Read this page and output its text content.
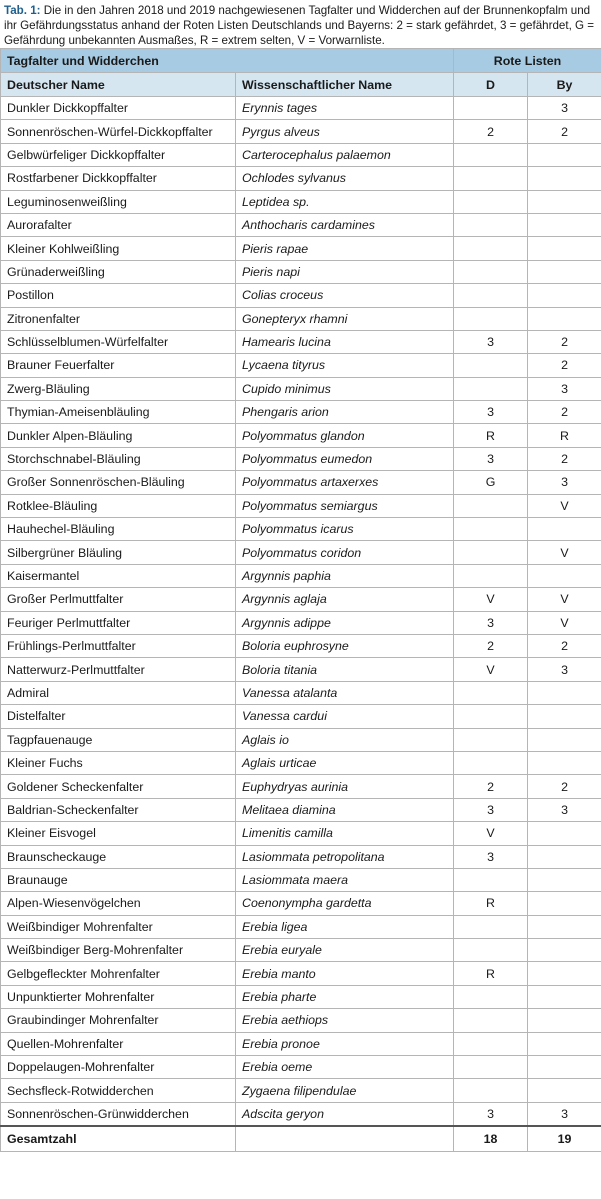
Tab. 1: Die in den Jahren 2018 und 2019 nachgewiesenen Tagfalter und Widderchen auf der Brunnenkopfalm und ihr Gefährdungsstatus anhand der Roten Listen Deutschlands und Bayerns: 2 = stark gefährdet, 3 = gefährdet, G = Gefährdung unbekannten Ausmaßes, R = extrem selten, V = Vorwarnliste.
Tagfalter und Widderchen		Rote Listen	
Deutscher Name	Wissenschaftlicher Name	D	By
Dunkler Dickkopffalter	Erynnis tages		3
Sonnenröschen-Würfel-Dickkopffalter	Pyrgus alveus	2	2
Gelbwürfeliger Dickkopffalter	Carterocephalus palaemon		
Rostfarbener Dickkopffalter	Ochlodes sylvanus		
Leguminosenweißling	Leptidea sp.		
Aurorafalter	Anthocharis cardamines		
Kleiner Kohlweißling	Pieris rapae		
Grünaderweißling	Pieris napi		
Postillon	Colias croceus		
Zitronenfalter	Gonepteryx rhamni		
Schlüsselblumen-Würfelfalter	Hamearis lucina	3	2
Brauner Feuerfalter	Lycaena tityrus		2
Zwerg-Bläuling	Cupido minimus		3
Thymian-Ameisenbläuling	Phengaris arion	3	2
Dunkler Alpen-Bläuling	Polyommatus glandon	R	R
Storchschnabel-Bläuling	Polyommatus eumedon	3	2
Großer Sonnenröschen-Bläuling	Polyommatus artaxerxes	G	3
Rotklee-Bläuling	Polyommatus semiargus		V
Hauhechel-Bläuling	Polyommatus icarus		
Silbergrüner Bläuling	Polyommatus coridon		V
Kaisermantel	Argynnis paphia		
Großer Perlmuttfalter	Argynnis aglaja	V	V
Feuriger Perlmuttfalter	Argynnis adippe	3	V
Frühlings-Perlmuttfalter	Boloria euphrosyne	2	2
Natterwurz-Perlmuttfalter	Boloria titania	V	3
Admiral	Vanessa atalanta		
Distelfalter	Vanessa cardui		
Tagpfauenauge	Aglais io		
Kleiner Fuchs	Aglais urticae		
Goldener Scheckenfalter	Euphydryas aurinia	2	2
Baldrian-Scheckenfalter	Melitaea diamina	3	3
Kleiner Eisvogel	Limenitis camilla	V	
Braunscheckauge	Lasiommata petropolitana	3	
Braunauge	Lasiommata maera		
Alpen-Wiesenvögelchen	Coenonympha gardetta	R	
Weißbindiger Mohrenfalter	Erebia ligea		
Weißbindiger Berg-Mohrenfalter	Erebia euryale		
Gelbgefleckter Mohrenfalter	Erebia manto	R	
Unpunktierter Mohrenfalter	Erebia pharte		
Graubindinger Mohrenfalter	Erebia aethiops		
Quellen-Mohrenfalter	Erebia pronoe		
Doppelaugen-Mohrenfalter	Erebia oeme		
Sechsfleck-Rotwidderchen	Zygaena filipendulae		
Sonnenröschen-Grünwidderchen	Adscita geryon	3	3
Gesamtzahl		18	19
